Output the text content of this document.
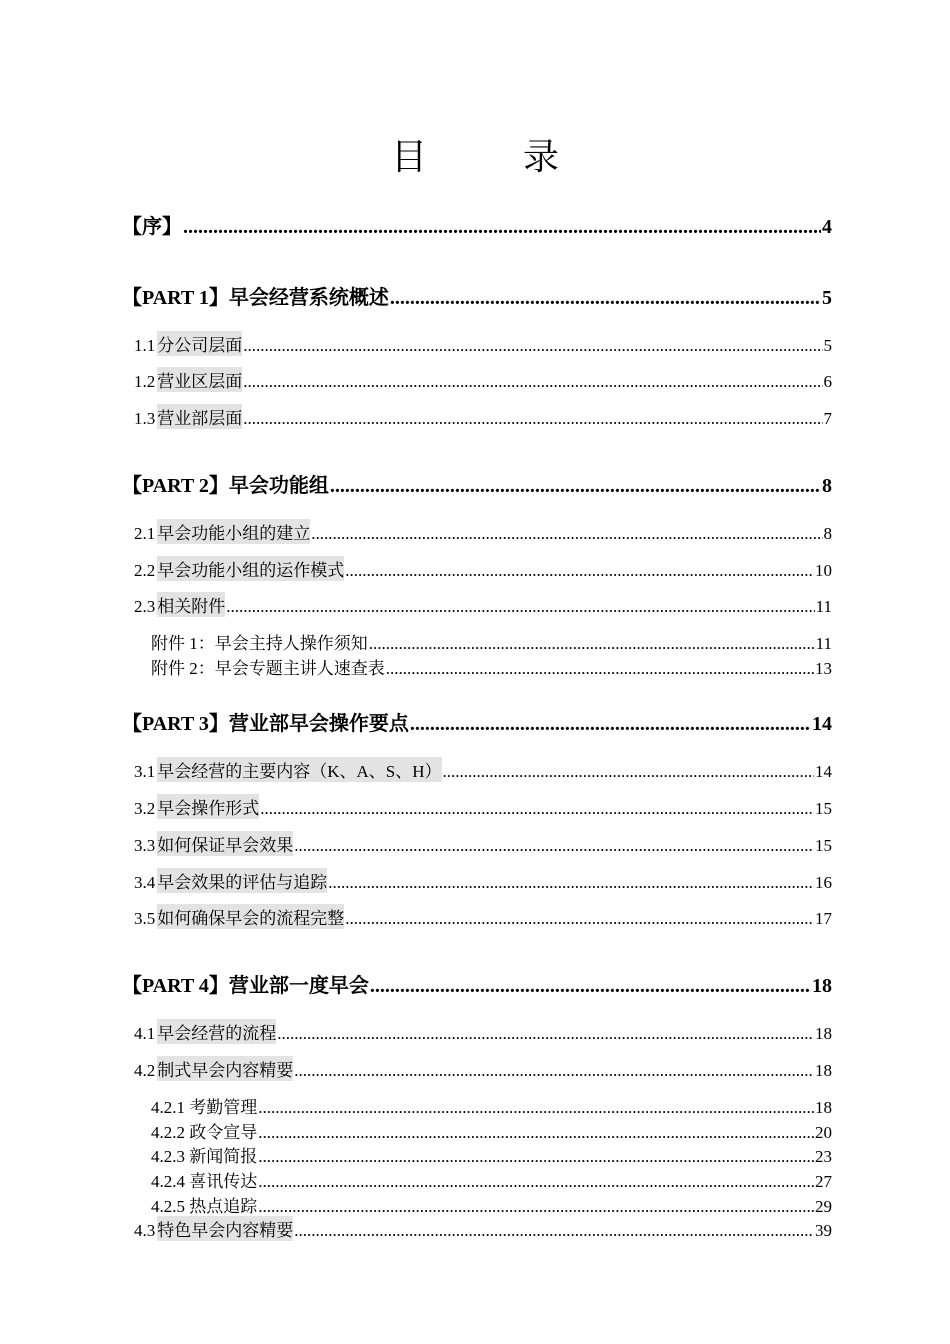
目　录
【序】 .....	4
【PART 1】早会经营系统概述 .....	5
1.1 分公司层面 .....	5
1.2 营业区层面 .....	6
1.3 营业部层面 .....	7
【PART 2】早会功能组 .....	8
2.1 早会功能小组的建立 .....	8
2.2 早会功能小组的运作模式 .....	10
2.3 相关附件 .....	11
附件 1：早会主持人操作须知 .....	11
附件 2：早会专题主讲人速查表 .....	13
【PART 3】营业部早会操作要点 .....	14
3.1 早会经营的主要内容（K、A、S、H） .....	14
3.2 早会操作形式 .....	15
3.3 如何保证早会效果 .....	15
3.4 早会效果的评估与追踪 .....	16
3.5 如何确保早会的流程完整 .....	17
【PART 4】营业部一度早会 .....	18
4.1 早会经营的流程 .....	18
4.2 制式早会内容精要 .....	18
4.2.1 考勤管理 .....	18
4.2.2 政令宣导 .....	20
4.2.3 新闻简报 .....	23
4.2.4 喜讯传达 .....	27
4.2.5 热点追踪 .....	29
4.3 特色早会内容精要 .....	39
